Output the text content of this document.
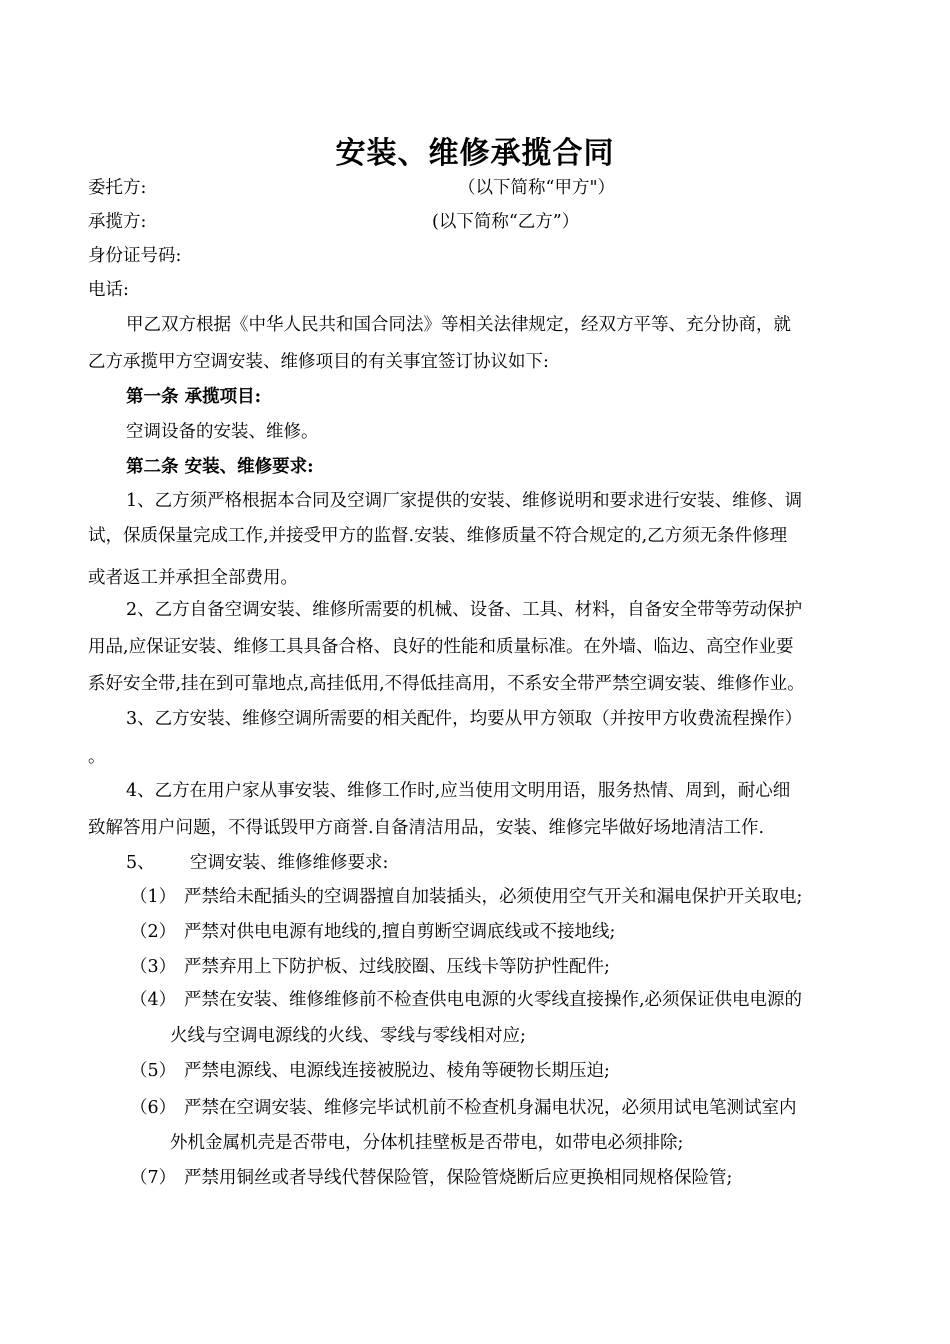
安装、维修承揽合同
委托方:	（以下简称“甲方"）
承揽方:	(以下简称“乙方”）
身份证号码:
电话:
甲乙双方根据《中华人民共和国合同法》等相关法律规定，经双方平等、充分协商，就
乙方承揽甲方空调安装、维修项目的有关事宜签订协议如下:
第一条 承揽项目:
空调设备的安装、维修。
第二条 安装、维修要求:
1、乙方须严格根据本合同及空调厂家提供的安装、维修说明和要求进行安装、维修、调
试，保质保量完成工作,并接受甲方的监督.安装、维修质量不符合规定的,乙方须无条件修理
或者返工并承担全部费用。
2、乙方自备空调安装、维修所需要的机械、设备、工具、材料，自备安全带等劳动保护
用品,应保证安装、维修工具具备合格、良好的性能和质量标准。在外墙、临边、高空作业要
系好安全带,挂在到可靠地点,高挂低用,不得低挂高用，不系安全带严禁空调安装、维修作业。
3、乙方安装、维修空调所需要的相关配件，均要从甲方领取（并按甲方收费流程操作）
。
4、乙方在用户家从事安装、维修工作时,应当使用文明用语，服务热情、周到，耐心细
致解答用户问题，不得诋毁甲方商誉.自备清洁用品，安装、维修完毕做好场地清洁工作.
5、 空调安装、维修维修要求:
（1） 严禁给未配插头的空调器擅自加装插头，必须使用空气开关和漏电保护开关取电;
（2） 严禁对供电电源有地线的,擅自剪断空调底线或不接地线;
（3） 严禁弃用上下防护板、过线胶圈、压线卡等防护性配件;
（4） 严禁在安装、维修维修前不检查供电电源的火零线直接操作,必须保证供电电源的
火线与空调电源线的火线、零线与零线相对应;
（5） 严禁电源线、电源线连接被脱边、棱角等硬物长期压迫;
（6） 严禁在空调安装、维修完毕试机前不检查机身漏电状况，必须用试电笔测试室内
外机金属机壳是否带电，分体机挂壁板是否带电，如带电必须排除;
（7） 严禁用铜丝或者导线代替保险管，保险管烧断后应更换相同规格保险管;
